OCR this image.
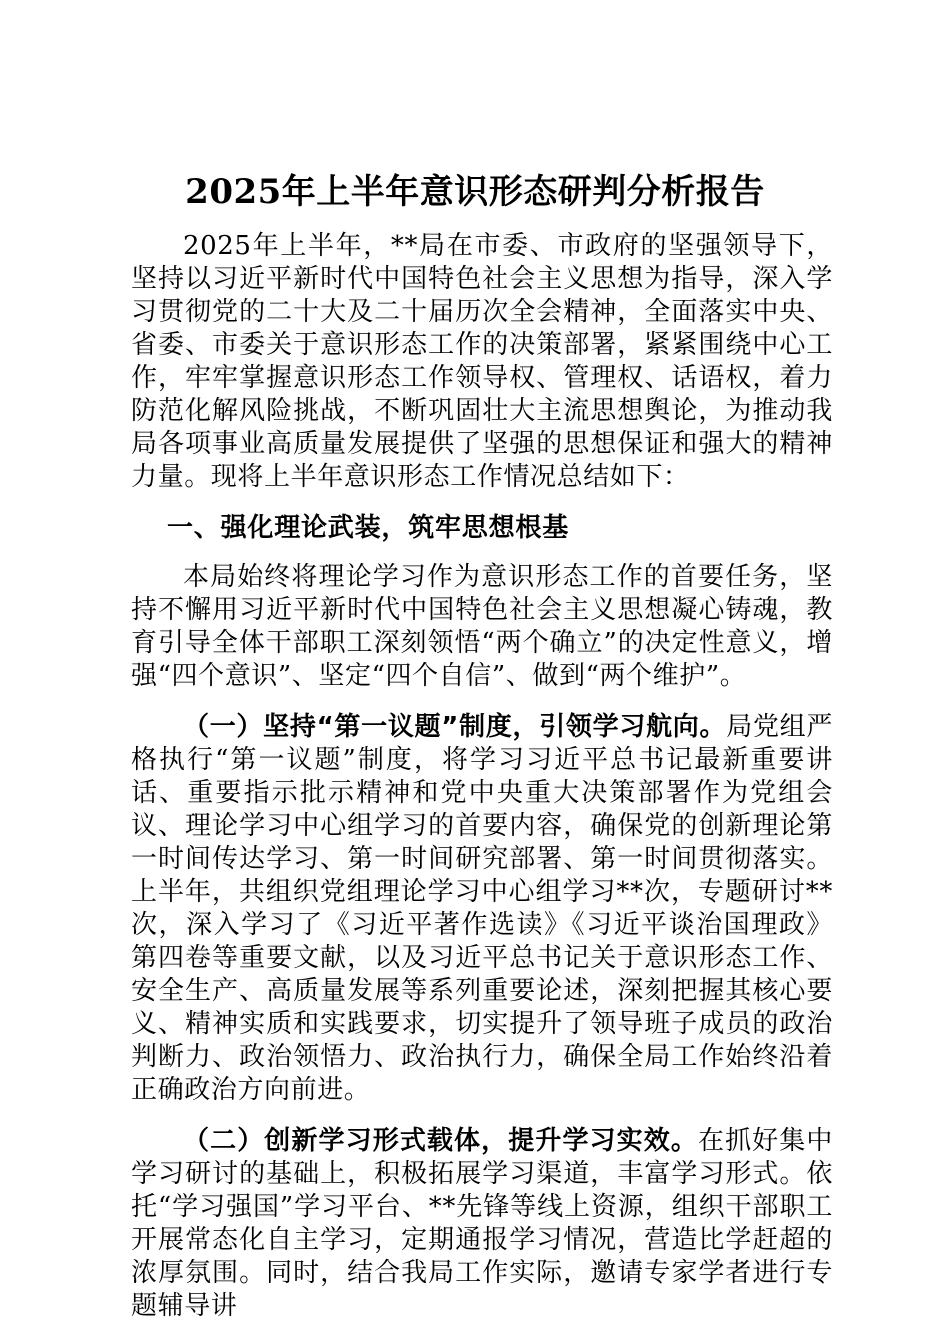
2025年上半年意识形态研判分析报告

2025年上半年，**局在市委、市政府的坚强领导下，坚持以习近平新时代中国特色社会主义思想为指导，深入学习贯彻党的二十大及二十届历次全会精神，全面落实中央、省委、市委关于意识形态工作的决策部署，紧紧围绕中心工作，牢牢掌握意识形态工作领导权、管理权、话语权，着力防范化解风险挑战，不断巩固壮大主流思想舆论，为推动我局各项事业高质量发展提供了坚强的思想保证和强大的精神力量。现将上半年意识形态工作情况总结如下：

一、强化理论武装，筑牢思想根基

本局始终将理论学习作为意识形态工作的首要任务，坚持不懈用习近平新时代中国特色社会主义思想凝心铸魂，教育引导全体干部职工深刻领悟“两个确立”的决定性意义，增强“四个意识”、坚定“四个自信”、做到“两个维护”。

（一）坚持“第一议题”制度，引领学习航向。局党组严格执行“第一议题”制度，将学习习近平总书记最新重要讲话、重要指示批示精神和党中央重大决策部署作为党组会议、理论学习中心组学习的首要内容，确保党的创新理论第一时间传达学习、第一时间研究部署、第一时间贯彻落实。上半年，共组织党组理论学习中心组学习**次，专题研讨**次，深入学习了《习近平著作选读》《习近平谈治国理政》第四卷等重要文献，以及习近平总书记关于意识形态工作、安全生产、高质量发展等系列重要论述，深刻把握其核心要义、精神实质和实践要求，切实提升了领导班子成员的政治判断力、政治领悟力、政治执行力，确保全局工作始终沿着正确政治方向前进。

（二）创新学习形式载体，提升学习实效。在抓好集中学习研讨的基础上，积极拓展学习渠道，丰富学习形式。依托“学习强国”学习平台、**先锋等线上资源，组织干部职工开展常态化自主学习，定期通报学习情况，营造比学赶超的浓厚氛围。同时，结合我局工作实际，邀请专家学者进行专题辅导讲
